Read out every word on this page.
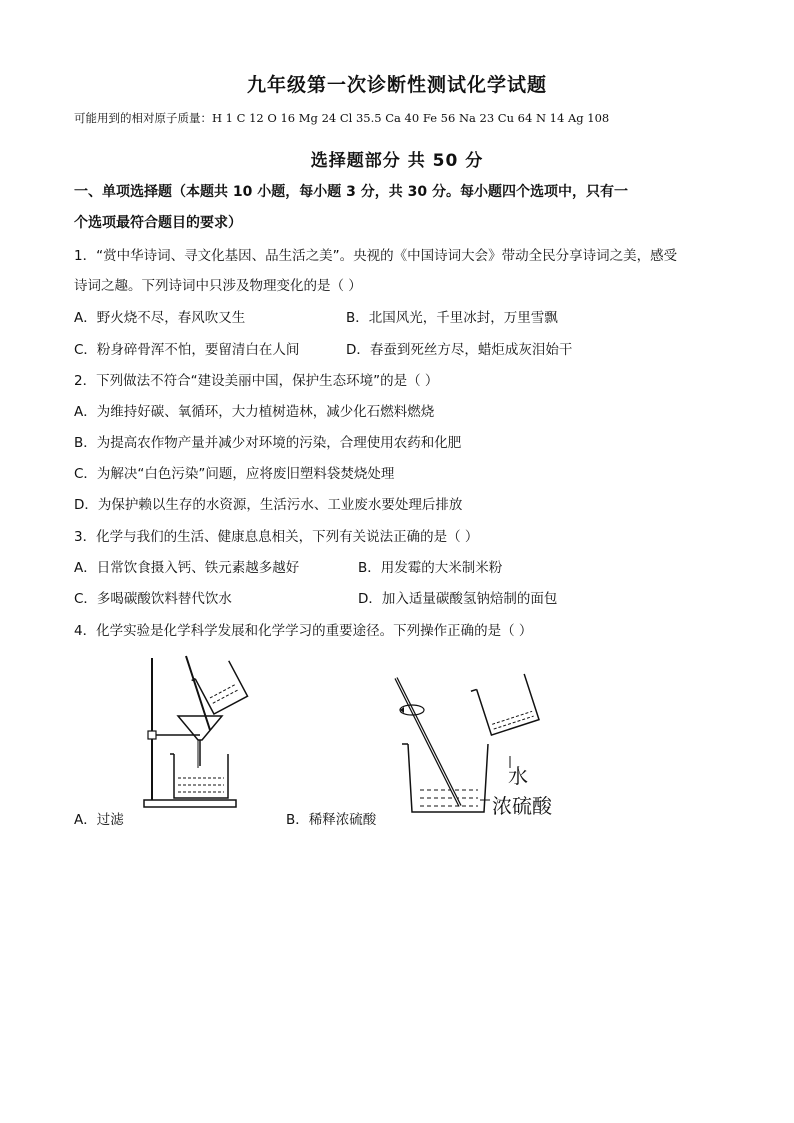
九年级第一次诊断性测试化学试题
可能用到的相对原子质量：H 1 C 12 O 16 Mg 24 Cl 35.5 Ca 40 Fe 56 Na 23 Cu 64 N 14 Ag 108
选择题部分 共 50 分
一、单项选择题（本题共 10 小题，每小题 3 分，共 30 分。每小题四个选项中，只有一
个选项最符合题目的要求）
1．“赏中华诗词、寻文化基因、品生活之美”。央视的《中国诗词大会》带动全民分享诗词之美，感受
诗词之趣。下列诗词中只涉及物理变化的是（ ）
A．野火烧不尽，春风吹又生	B．北国风光，千里冰封，万里雪飘
C．粉身碎骨浑不怕，要留清白在人间	D．春蚕到死丝方尽，蜡炬成灰泪始干
2．下列做法不符合“建设美丽中国，保护生态环境”的是（ ）
A．为维持好碳、氧循环，大力植树造林，减少化石燃料燃烧
B．为提高农作物产量并减少对环境的污染，合理使用农药和化肥
C．为解决“白色污染”问题，应将废旧塑料袋焚烧处理
D．为保护赖以生存的水资源，生活污水、工业废水要处理后排放
3．化学与我们的生活、健康息息相关，下列有关说法正确的是（ ）
A．日常饮食摄入钙、铁元素越多越好	B．用发霉的大米制米粉
C．多喝碳酸饮料替代饮水	D．加入适量碳酸氢钠焙制的面包
4．化学实验是化学科学发展和化学学习的重要途径。下列操作正确的是（ ）
A．过滤
水
浓硫酸
B．稀释浓硫酸
